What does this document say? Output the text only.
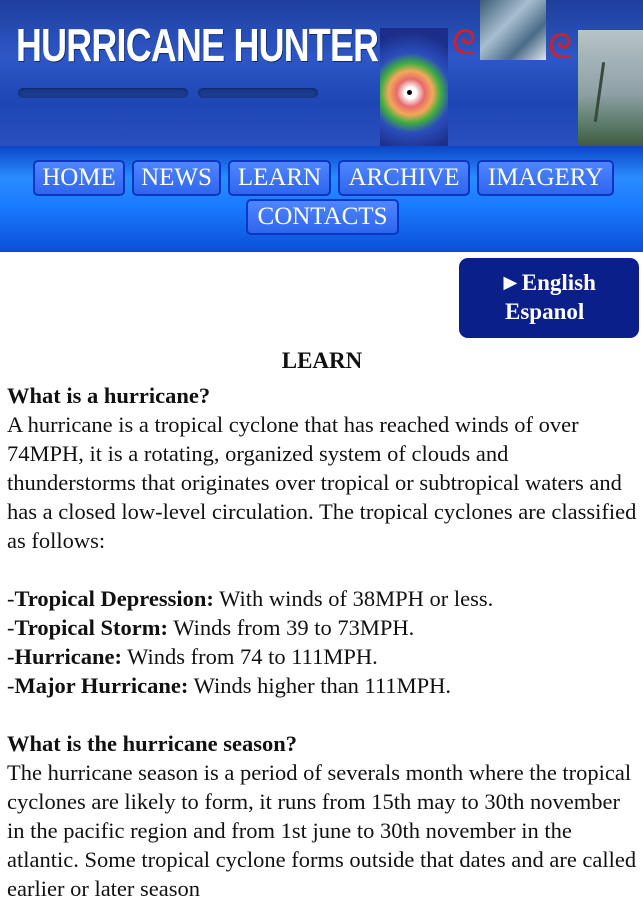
HURRICANE HUNTER ᘓ ᘓ
HOME	NEWS	LEARN	ARCHIVE	IMAGERY
CONTACTS
►English
Espanol
LEARN

What is a hurricane?

A hurricane is a tropical cyclone that has reached winds of over 74MPH, it is a rotating, organized system of clouds and thunderstorms that originates over tropical or subtropical waters and has a closed low-level circulation. The tropical cyclones are classified as follows:

-Tropical Depression: With winds of 38MPH or less.
-Tropical Storm: Winds from 39 to 73MPH.
-Hurricane: Winds from 74 to 111MPH.
-Major Hurricane: Winds higher than 111MPH.

What is the hurricane season?

The hurricane season is a period of severals month where the tropical cyclones are likely to form, it runs from 15th may to 30th november in the pacific region and from 1st june to 30th november in the atlantic. Some tropical cyclone forms outside that dates and are called earlier or later season
